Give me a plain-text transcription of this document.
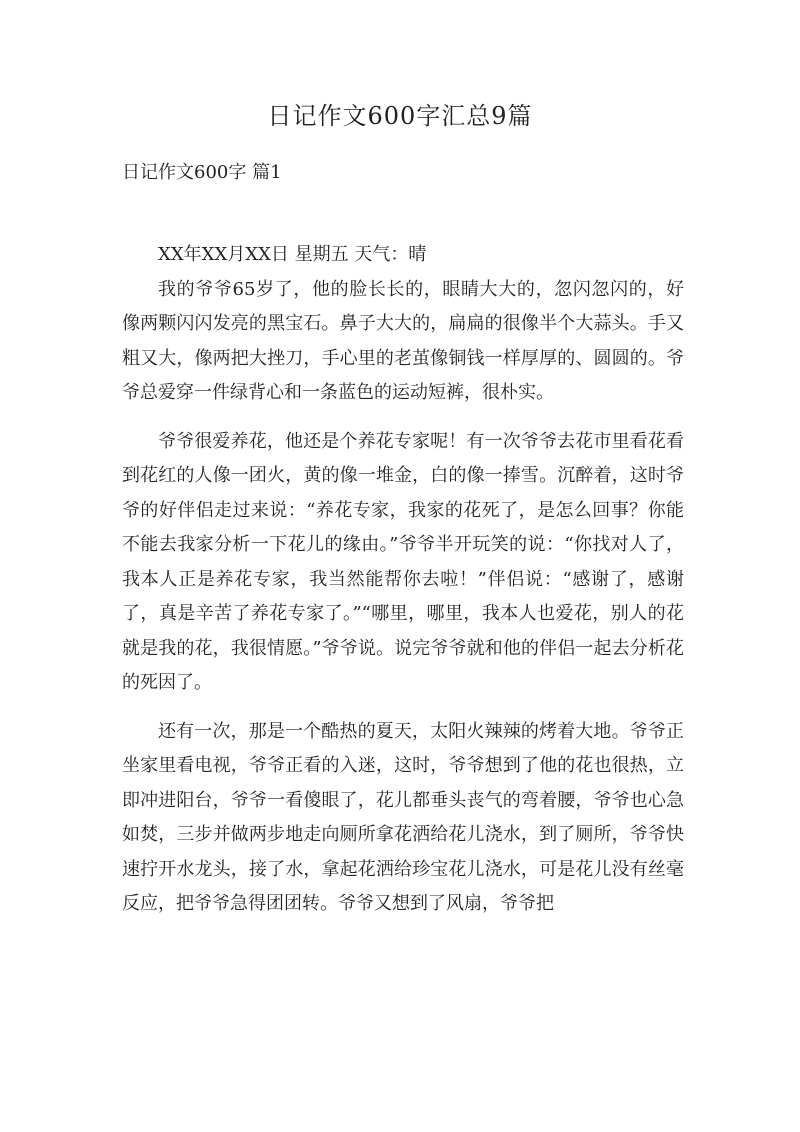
日记作文600字汇总9篇
日记作文600字 篇1

XX年XX月XX日 星期五 天气：晴

我的爷爷65岁了，他的脸长长的，眼睛大大的，忽闪忽闪的，好像两颗闪闪发亮的黑宝石。鼻子大大的，扁扁的很像半个大蒜头。手又粗又大，像两把大挫刀，手心里的老茧像铜钱一样厚厚的、圆圆的。爷爷总爱穿一件绿背心和一条蓝色的运动短裤，很朴实。

爷爷很爱养花，他还是个养花专家呢！有一次爷爷去花市里看花看到花红的人像一团火，黄的像一堆金，白的像一捧雪。沉醉着，这时爷爷的好伴侣走过来说：“养花专家，我家的花死了，是怎么回事？你能不能去我家分析一下花儿的缘由。”爷爷半开玩笑的说：“你找对人了，我本人正是养花专家，我当然能帮你去啦！”伴侣说：“感谢了，感谢了，真是辛苦了养花专家了。”“哪里，哪里，我本人也爱花，别人的花就是我的花，我很情愿。”爷爷说。说完爷爷就和他的伴侣一起去分析花的死因了。

还有一次，那是一个酷热的夏天，太阳火辣辣的烤着大地。爷爷正坐家里看电视，爷爷正看的入迷，这时，爷爷想到了他的花也很热，立即冲进阳台，爷爷一看傻眼了，花儿都垂头丧气的弯着腰，爷爷也心急如焚，三步并做两步地走向厕所拿花洒给花儿浇水，到了厕所，爷爷快速拧开水龙头，接了水，拿起花洒给珍宝花儿浇水，可是花儿没有丝毫反应，把爷爷急得团团转。爷爷又想到了风扇，爷爷把
